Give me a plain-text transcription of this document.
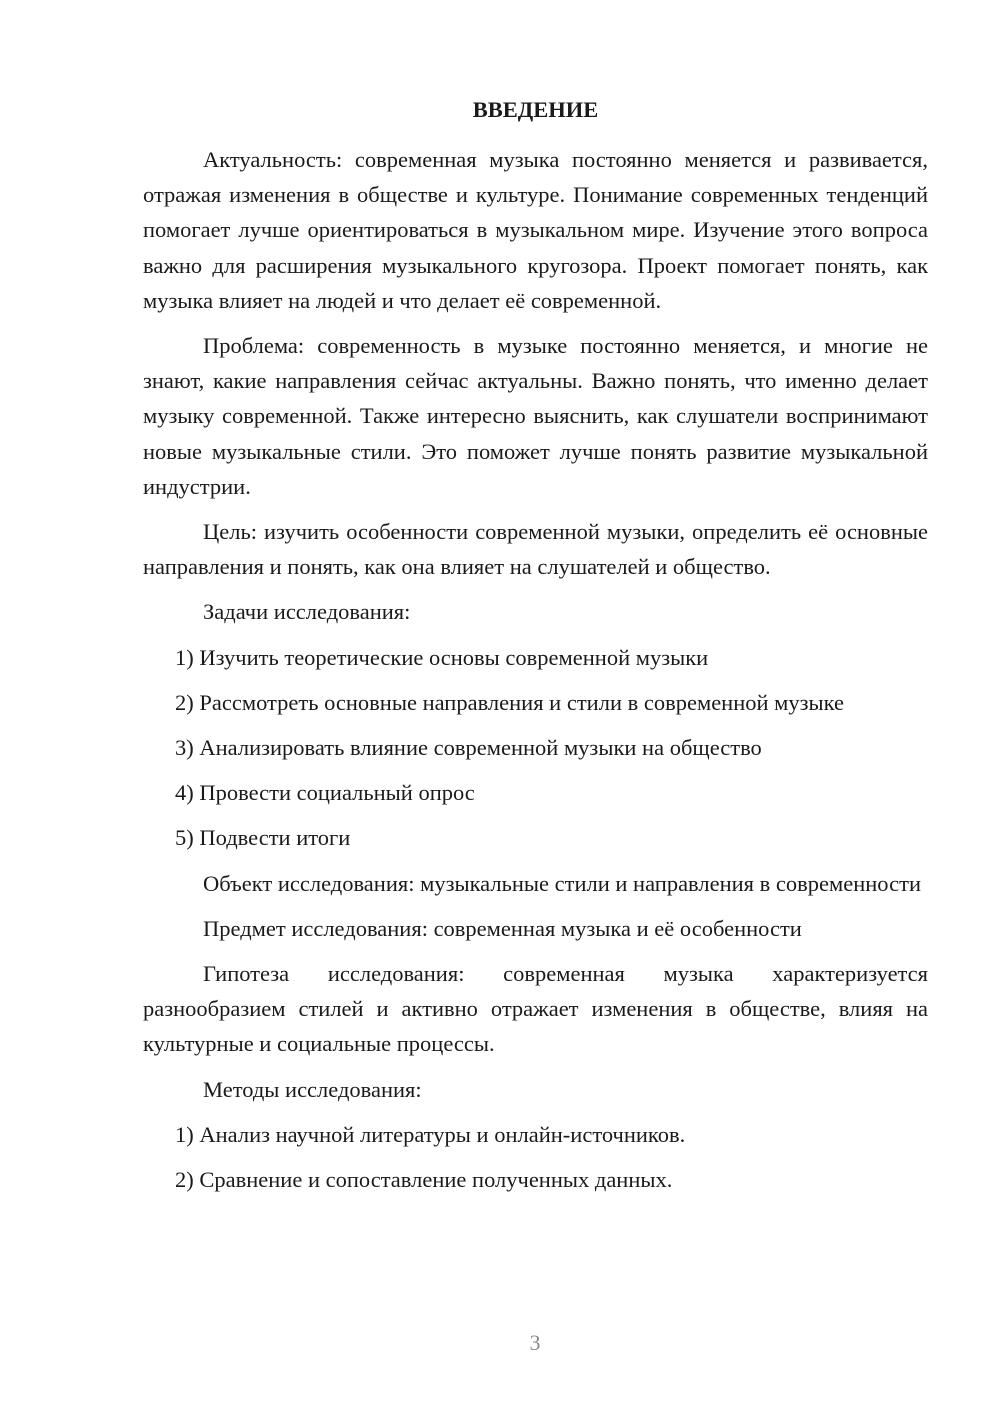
ВВЕДЕНИЕ

Актуальность: современная музыка постоянно меняется и развивается, отражая изменения в обществе и культуре. Понимание современных тенденций помогает лучше ориентироваться в музыкальном мире. Изучение этого вопроса важно для расширения музыкального кругозора. Проект помогает понять, как музыка влияет на людей и что делает её современной.

Проблема: современность в музыке постоянно меняется, и многие не знают, какие направления сейчас актуальны. Важно понять, что именно делает музыку современной. Также интересно выяснить, как слушатели воспринимают новые музыкальные стили. Это поможет лучше понять развитие музыкальной индустрии.

Цель: изучить особенности современной музыки, определить её основные направления и понять, как она влияет на слушателей и общество.

Задачи исследования:

1) Изучить теоретические основы современной музыки

2) Рассмотреть основные направления и стили в современной музыке

3) Анализировать влияние современной музыки на общество

4) Провести социальный опрос

5) Подвести итоги

Объект исследования: музыкальные стили и направления в современности

Предмет исследования: современная музыка и её особенности

Гипотеза исследования: современная музыка характеризуется разнообразием стилей и активно отражает изменения в обществе, влияя на культурные и социальные процессы.

Методы исследования:

1) Анализ научной литературы и онлайн-источников.

2) Сравнение и сопоставление полученных данных.

3
